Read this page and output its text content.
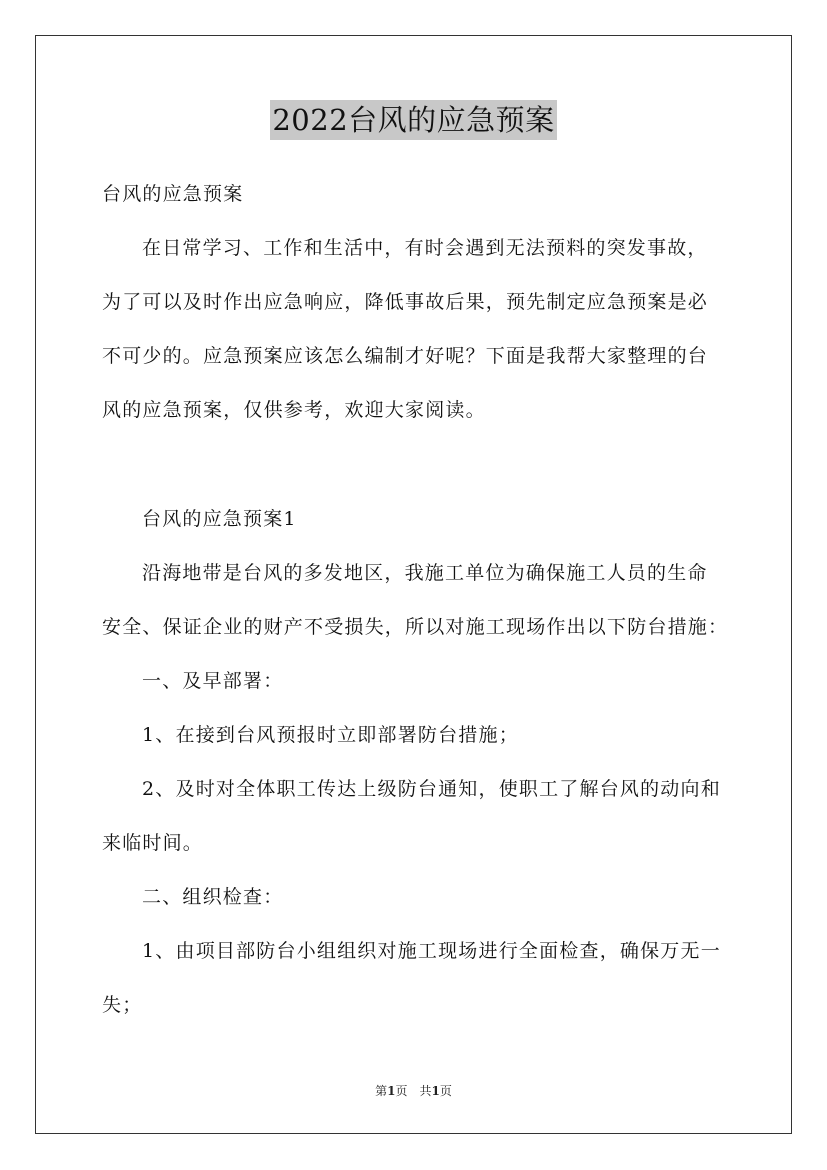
2022台风的应急预案
台风的应急预案
在日常学习、工作和生活中，有时会遇到无法预料的突发事故，
为了可以及时作出应急响应，降低事故后果，预先制定应急预案是必
不可少的。应急预案应该怎么编制才好呢？下面是我帮大家整理的台
风的应急预案，仅供参考，欢迎大家阅读。
台风的应急预案1
沿海地带是台风的多发地区，我施工单位为确保施工人员的生命
安全、保证企业的财产不受损失，所以对施工现场作出以下防台措施：
一、及早部署：
1、在接到台风预报时立即部署防台措施；
2、及时对全体职工传达上级防台通知，使职工了解台风的动向和
来临时间。
二、组织检查：
1、由项目部防台小组组织对施工现场进行全面检查，确保万无一
失；
第1页　共1页
